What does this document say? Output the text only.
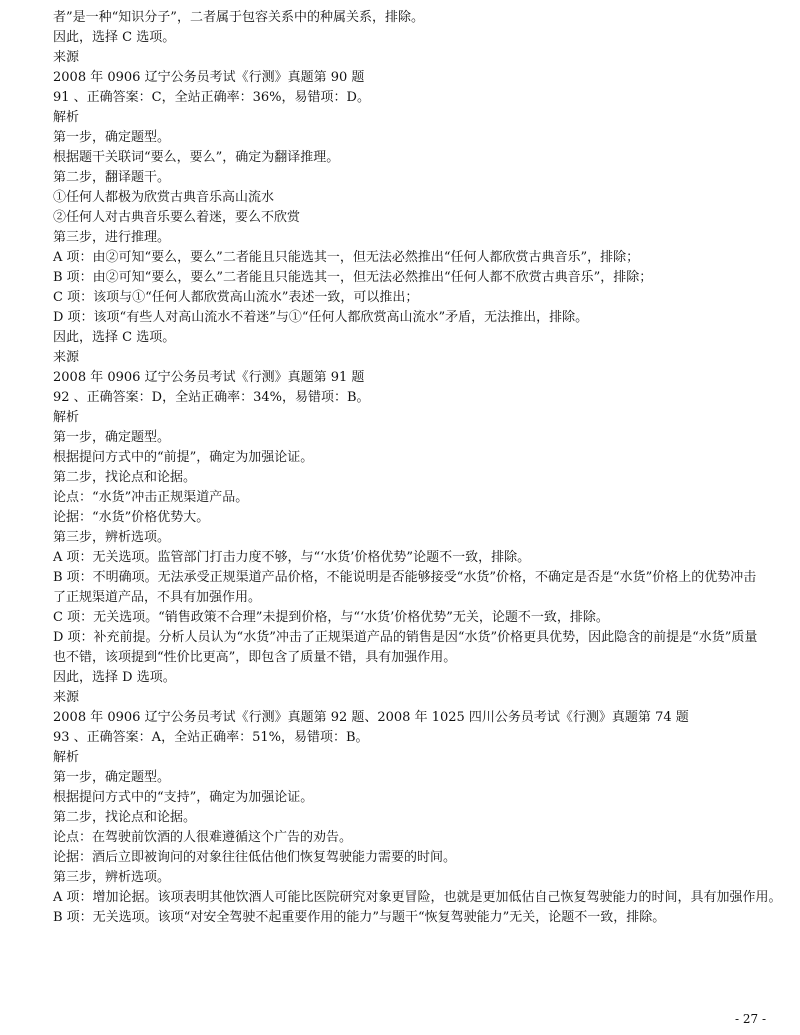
者”是一种“知识分子”，二者属于包容关系中的种属关系，排除。
因此，选择 C 选项。
来源
2008 年 0906 辽宁公务员考试《行测》真题第 90 题
91 、正确答案：C，全站正确率：36%，易错项：D。
解析
第一步，确定题型。
根据题干关联词“要么，要么”，确定为翻译推理。
第二步，翻译题干。
①任何人都极为欣赏古典音乐高山流水
②任何人对古典音乐要么着迷，要么不欣赏
第三步，进行推理。
A 项：由②可知“要么，要么”二者能且只能选其一，但无法必然推出“任何人都欣赏古典音乐”，排除；
B 项：由②可知“要么，要么”二者能且只能选其一，但无法必然推出“任何人都不欣赏古典音乐”，排除；
C 项：该项与①“任何人都欣赏高山流水”表述一致，可以推出；
D 项：该项“有些人对高山流水不着迷”与①“任何人都欣赏高山流水”矛盾，无法推出，排除。
因此，选择 C 选项。
来源
2008 年 0906 辽宁公务员考试《行测》真题第 91 题
92 、正确答案：D，全站正确率：34%，易错项：B。
解析
第一步，确定题型。
根据提问方式中的“前提”，确定为加强论证。
第二步，找论点和论据。
论点：“水货”冲击正规渠道产品。
论据：“水货”价格优势大。
第三步，辨析选项。
A 项：无关选项。监管部门打击力度不够，与“‘水货’价格优势”论题不一致，排除。
B 项：不明确项。无法承受正规渠道产品价格，不能说明是否能够接受“水货”价格，不确定是否是“水货”价格上的优势冲击了正规渠道产品，不具有加强作用。
C 项：无关选项。“销售政策不合理”未提到价格，与“‘水货’价格优势”无关，论题不一致，排除。
D 项：补充前提。分析人员认为“水货”冲击了正规渠道产品的销售是因“水货”价格更具优势，因此隐含的前提是“水货”质量也不错，该项提到“性价比更高”，即包含了质量不错，具有加强作用。
因此，选择 D 选项。
来源
2008 年 0906 辽宁公务员考试《行测》真题第 92 题、2008 年 1025 四川公务员考试《行测》真题第 74 题
93 、正确答案：A，全站正确率：51%，易错项：B。
解析
第一步，确定题型。
根据提问方式中的“支持”，确定为加强论证。
第二步，找论点和论据。
论点：在驾驶前饮酒的人很难遵循这个广告的劝告。
论据：酒后立即被询问的对象往往低估他们恢复驾驶能力需要的时间。
第三步，辨析选项。
A 项：增加论据。该项表明其他饮酒人可能比医院研究对象更冒险，也就是更加低估自己恢复驾驶能力的时间，具有加强作用。
B 项：无关选项。该项“对安全驾驶不起重要作用的能力”与题干“恢复驾驶能力”无关，论题不一致，排除。
- 27 -
